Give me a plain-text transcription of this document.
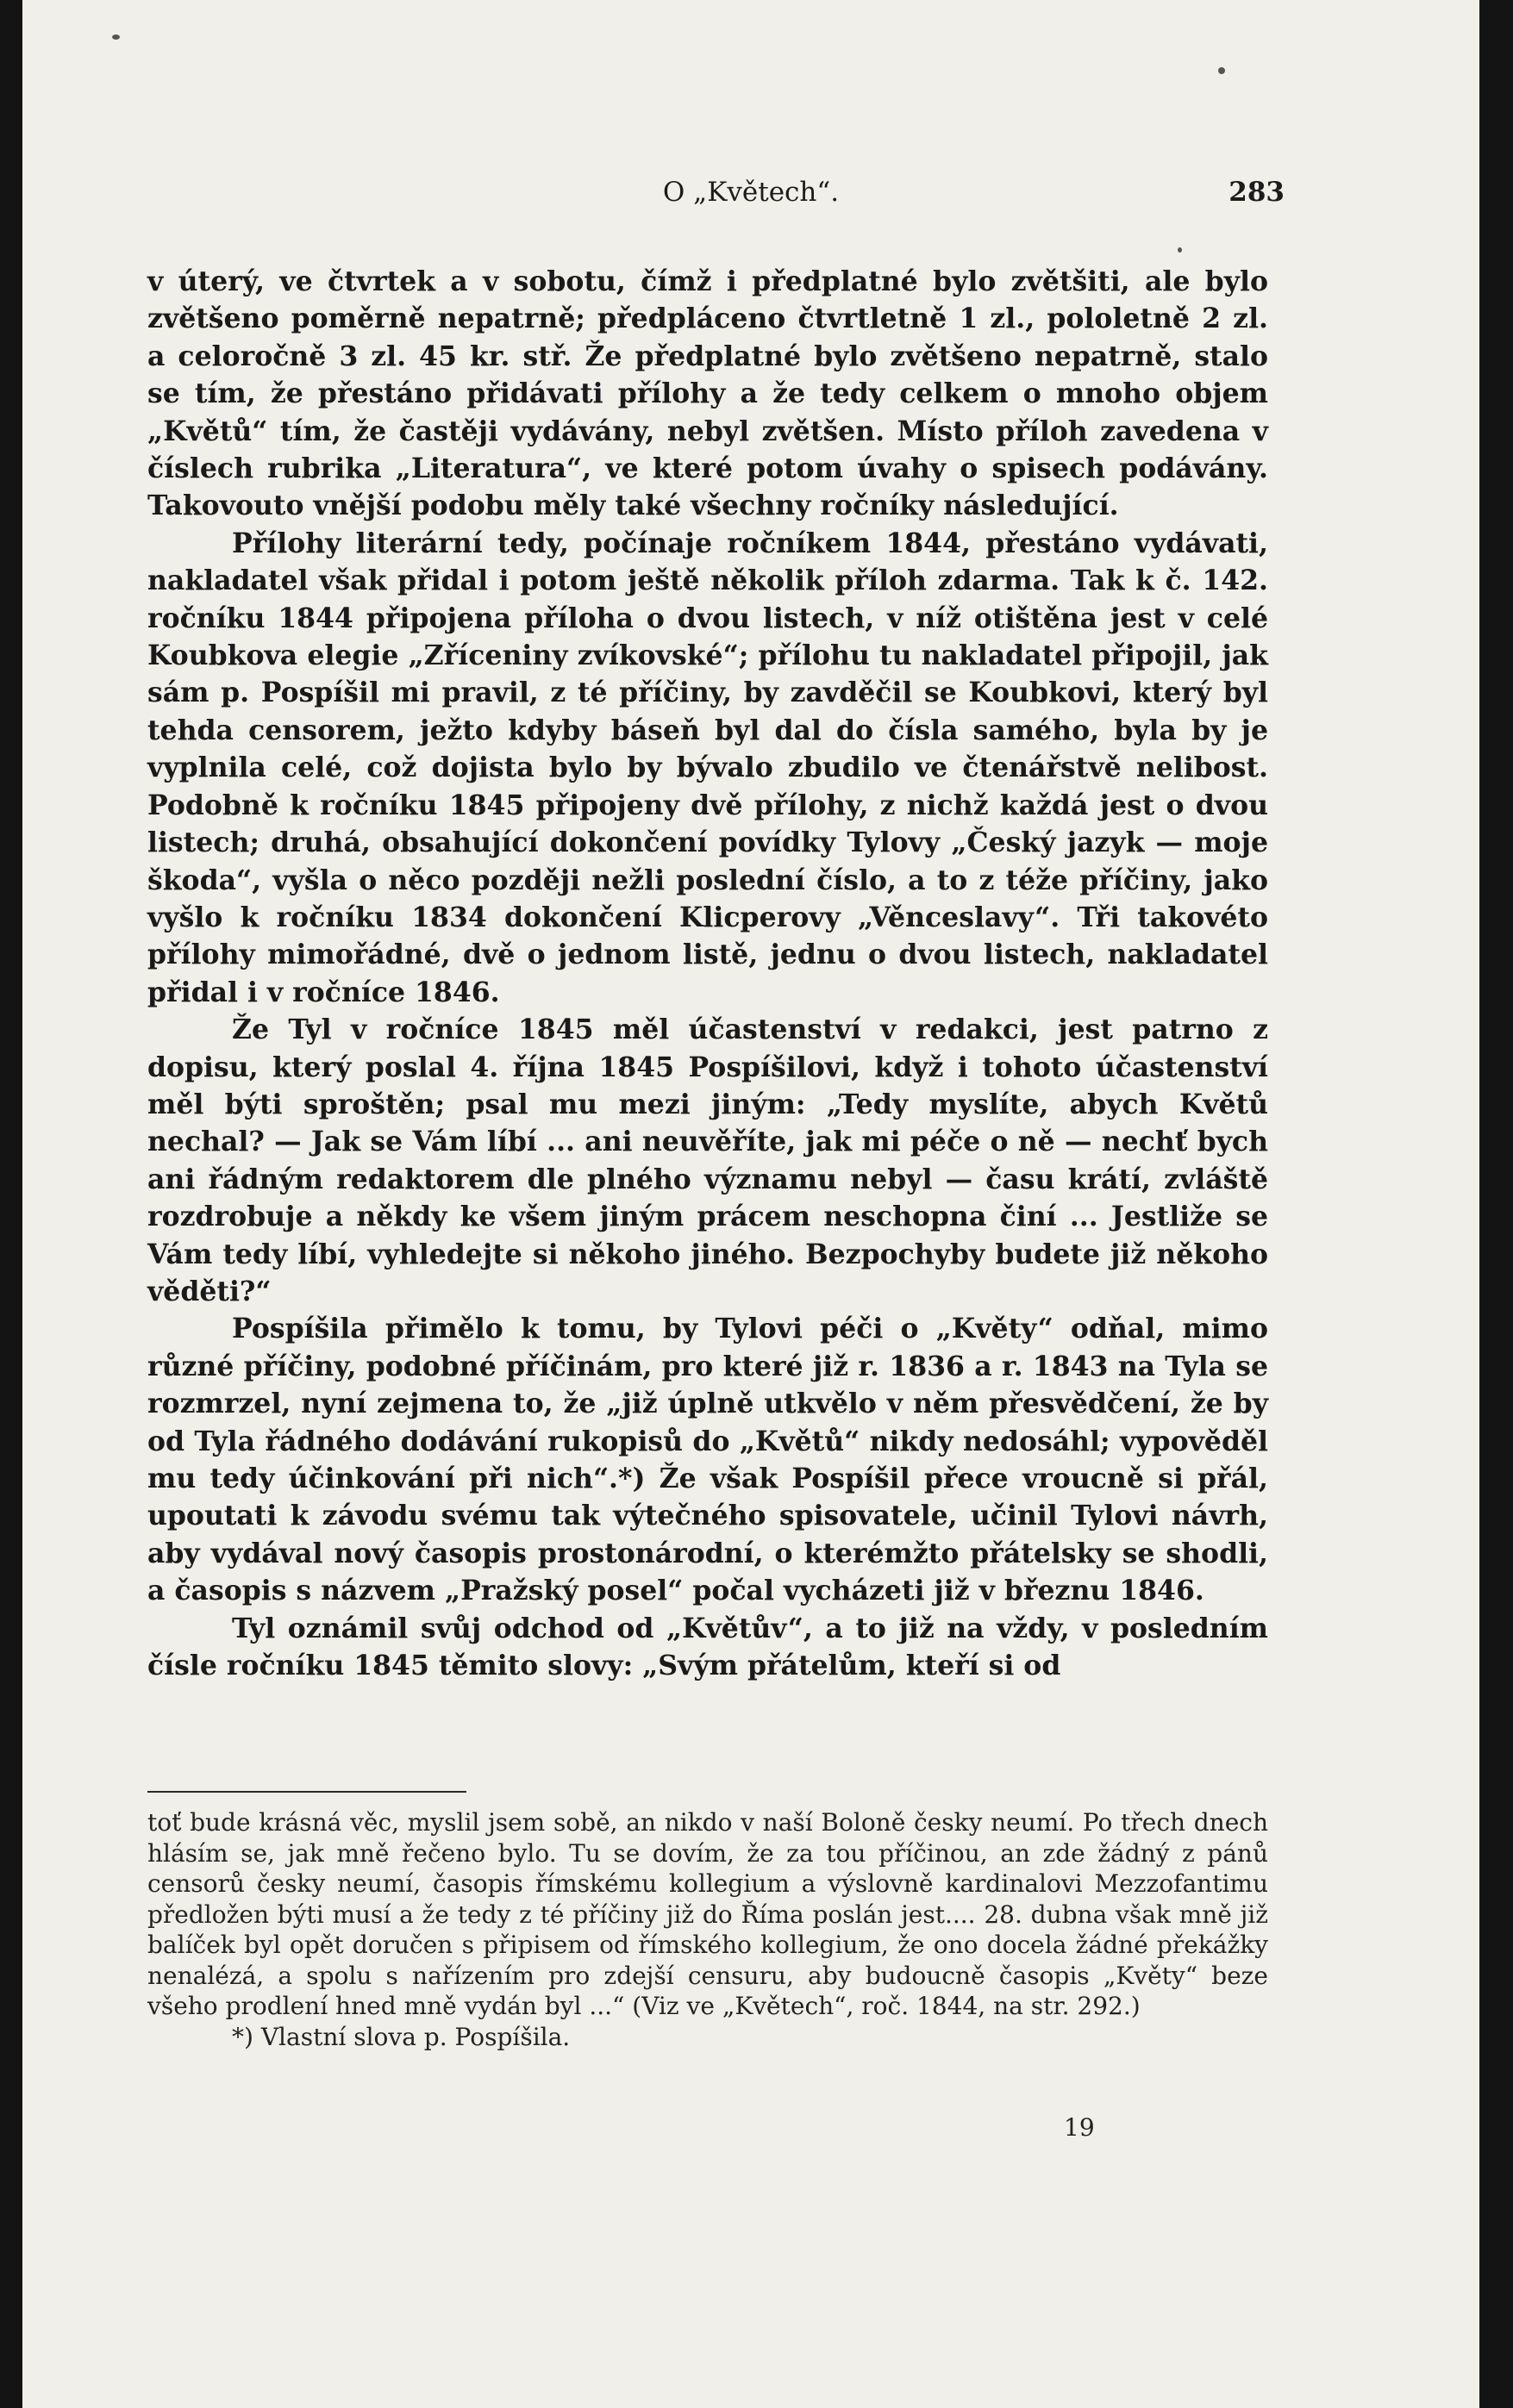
O „Květech“.	283

v úterý, ve čtvrtek a v sobotu, čímž i předplatné bylo zvětšiti, ale bylo zvětšeno poměrně nepatrně; předpláceno čtvrtletně 1 zl., pololetně 2 zl. a celoročně 3 zl. 45 kr. stř. Že předplatné bylo zvětšeno nepatrně, stalo se tím, že přestáno přidávati přílohy a že tedy celkem o mnoho objem „Květů“ tím, že častěji vydávány, nebyl zvětšen. Místo příloh zavedena v číslech rubrika „Literatura“, ve které potom úvahy o spisech podávány. Takovouto vnější podobu měly také všechny ročníky následující.

Přílohy literární tedy, počínaje ročníkem 1844, přestáno vydávati, nakladatel však přidal i potom ještě několik příloh zdarma. Tak k č. 142. ročníku 1844 připojena příloha o dvou listech, v níž otištěna jest v celé Koubkova elegie „Zříceniny zvíkovské“; přílohu tu nakladatel připojil, jak sám p. Pospíšil mi pravil, z té příčiny, by zavděčil se Koubkovi, který byl tehda censorem, ježto kdyby báseň byl dal do čísla samého, byla by je vyplnila celé, což dojista bylo by bývalo zbudilo ve čtenářstvě nelibost. Podobně k ročníku 1845 připojeny dvě přílohy, z nichž každá jest o dvou listech; druhá, obsahující dokončení povídky Tylovy „Český jazyk — moje škoda“, vyšla o něco později nežli poslední číslo, a to z téže příčiny, jako vyšlo k ročníku 1834 dokončení Klicperovy „Věnceslavy“. Tři takovéto přílohy mimořádné, dvě o jednom listě, jednu o dvou listech, nakladatel přidal i v ročníce 1846.

Že Tyl v ročníce 1845 měl účastenství v redakci, jest patrno z dopisu, který poslal 4. října 1845 Pospíšilovi, když i tohoto účastenství měl býti sproštěn; psal mu mezi jiným: „Tedy myslíte, abych Květů nechal? — Jak se Vám líbí ... ani neuvěříte, jak mi péče o ně — nechť bych ani řádným redaktorem dle plného významu nebyl — času krátí, zvláště rozdrobuje a někdy ke všem jiným prácem neschopna činí ... Jestliže se Vám tedy líbí, vyhledejte si někoho jiného. Bezpochyby budete již někoho věděti?“

Pospíšila přimělo k tomu, by Tylovi péči o „Květy“ odňal, mimo různé příčiny, podobné příčinám, pro které již r. 1836 a r. 1843 na Tyla se rozmrzel, nyní zejmena to, že „již úplně utkvělo v něm přesvědčení, že by od Tyla řádného dodávání rukopisů do „Květů“ nikdy nedosáhl; vypověděl mu tedy účinkování při nich“.*) Že však Pospíšil přece vroucně si přál, upoutati k závodu svému tak výtečného spisovatele, učinil Tylovi návrh, aby vydával nový časopis prostonárodní, o kterémžto přátelsky se shodli, a časopis s názvem „Pražský posel“ počal vycházeti již v březnu 1846.

Tyl oznámil svůj odchod od „Květův“, a to již na vždy, v posledním čísle ročníku 1845 těmito slovy: „Svým přátelům, kteří si od

toť bude krásná věc, myslil jsem sobě, an nikdo v naší Boloně česky neumí. Po třech dnech hlásím se, jak mně řečeno bylo. Tu se dovím, že za tou příčinou, an zde žádný z pánů censorů česky neumí, časopis římskému kollegium a výslovně kardinalovi Mezzofantimu předložen býti musí a že tedy z té příčiny již do Říma poslán jest.... 28. dubna však mně již balíček byl opět doručen s připisem od římského kollegium, že ono docela žádné překážky nenalézá, a spolu s nařízením pro zdejší censuru, aby budoucně časopis „Květy“ beze všeho prodlení hned mně vydán byl ...“ (Viz ve „Květech“, roč. 1844, na str. 292.)

*) Vlastní slova p. Pospíšila.

19
